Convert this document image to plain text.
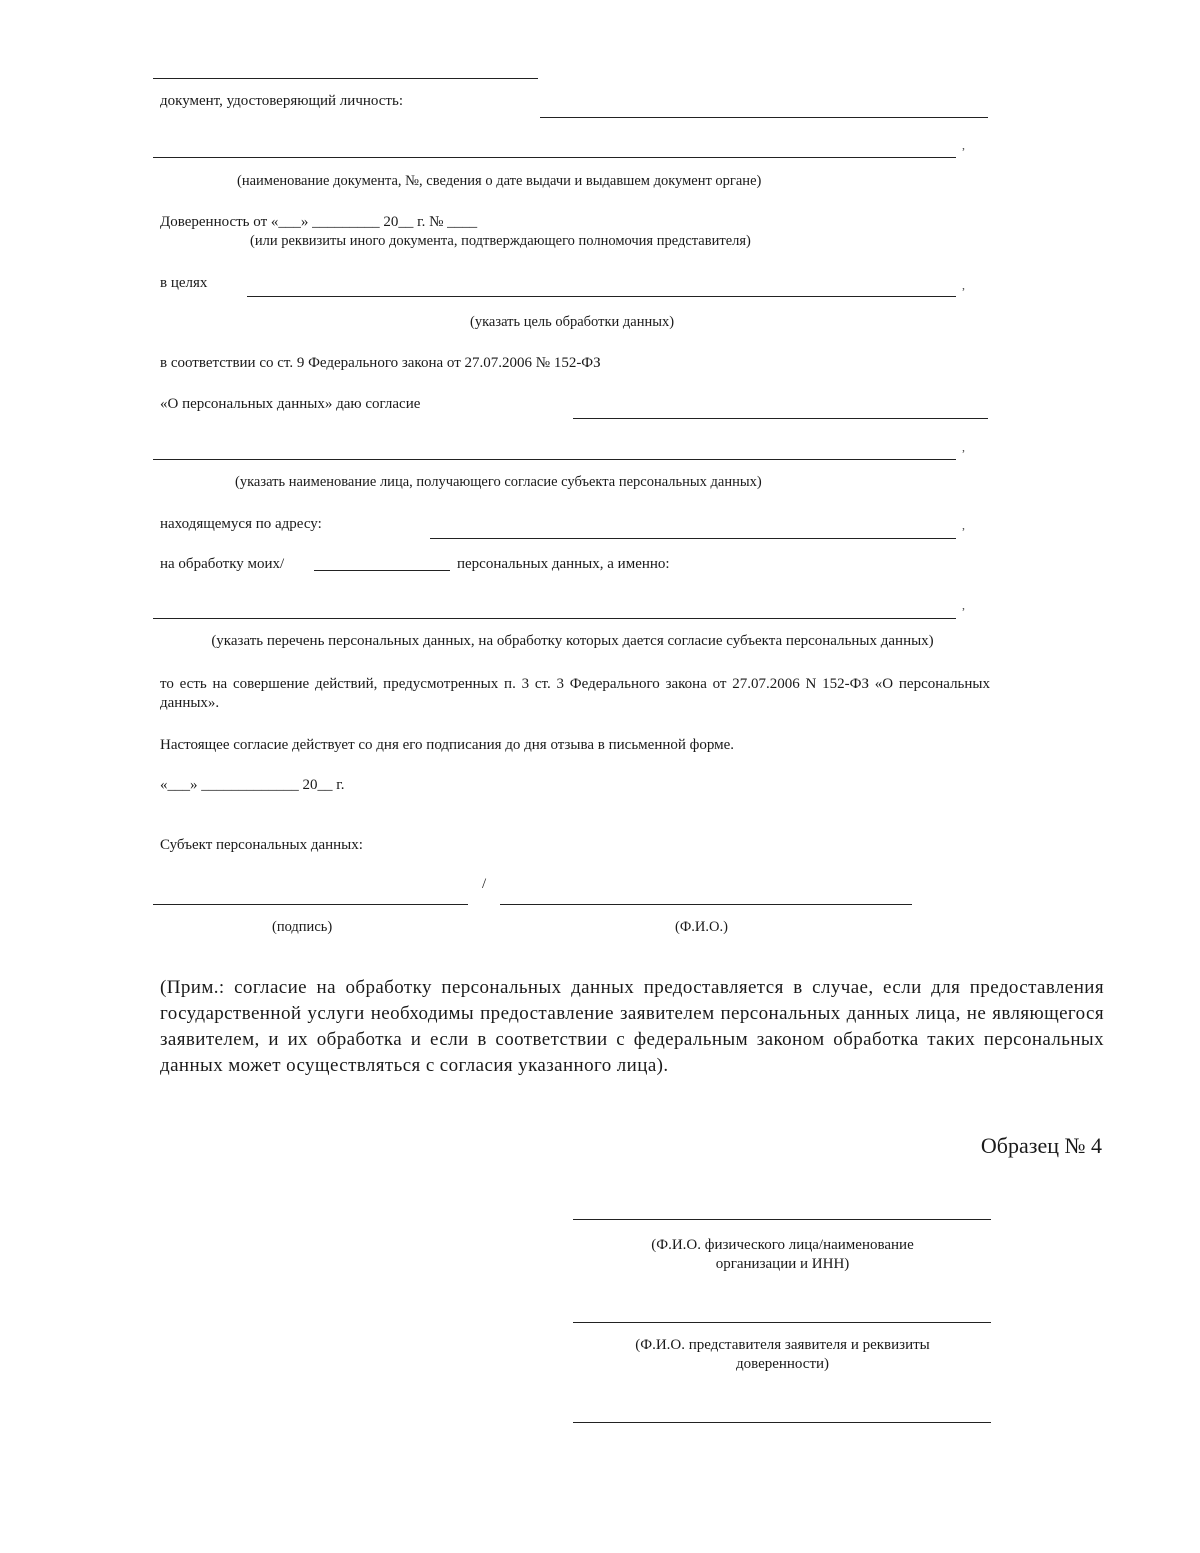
документ, удостоверяющий личность:
,
(наименование документа, №, сведения о дате выдачи и выдавшем документ органе)
Доверенность от «___» _________ 20__ г. № ____
(или реквизиты иного документа, подтверждающего полномочия представителя)
в целях	,
(указать цель обработки данных)
в соответствии со ст. 9 Федерального закона от 27.07.2006 № 152-ФЗ
«О персональных данных» даю согласие
,
(указать наименование лица, получающего согласие субъекта персональных данных)
находящемуся по адресу:	,
на обработку моих/	персональных данных, а именно:
,
(указать перечень персональных данных, на обработку которых дается согласие субъекта персональных данных)
то есть на совершение действий, предусмотренных п. 3 ст. 3 Федерального закона от 27.07.2006 N 152-ФЗ «О персональных данных».
Настоящее согласие действует со дня его подписания до дня отзыва в письменной форме.
«___» _____________ 20__ г.
Субъект персональных данных:
/
(подпись)	(Ф.И.О.)
(Прим.: согласие на обработку персональных данных предоставляется в случае, если для предоставления государственной услуги необходимы предоставление заявителем персональных данных лица, не являющегося заявителем, и их обработка и если в соответствии с федеральным законом обработка таких персональных данных может осуществляться с согласия указанного лица).
Образец № 4
(Ф.И.О. физического лица/наименование организации и ИНН)
(Ф.И.О. представителя заявителя и реквизиты доверенности)
